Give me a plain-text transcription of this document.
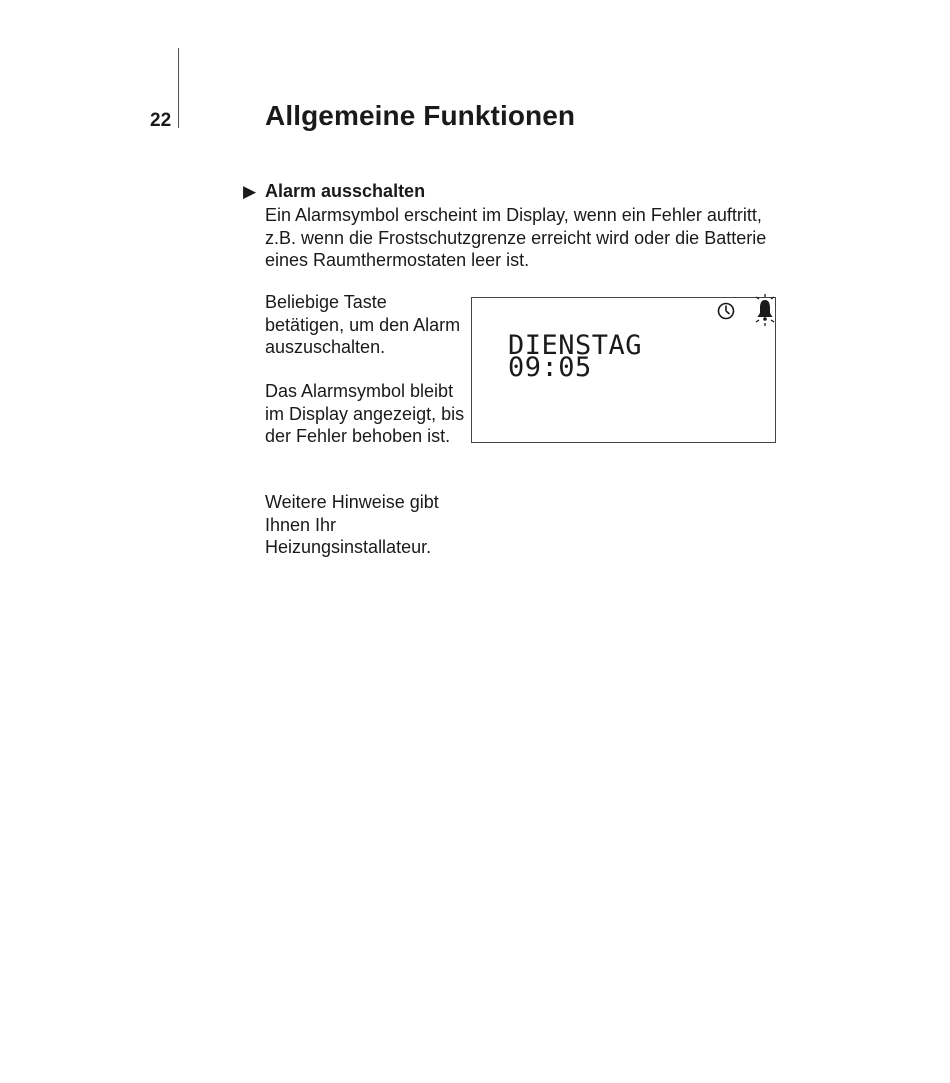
22	Allgemeine Funktionen
▶ Alarm ausschalten

Ein Alarmsymbol erscheint im Display, wenn ein Fehler auftritt, z.B. wenn die Frostschutzgrenze erreicht wird oder die Batterie eines Raumthermostaten leer ist.

Beliebige Taste betätigen, um den Alarm auszuschalten.

Das Alarmsymbol bleibt im Display angezeigt, bis der Fehler behoben ist.

Weitere Hinweise gibt Ihnen Ihr Heizungsinstallateur.

DIENSTAG
09:05
